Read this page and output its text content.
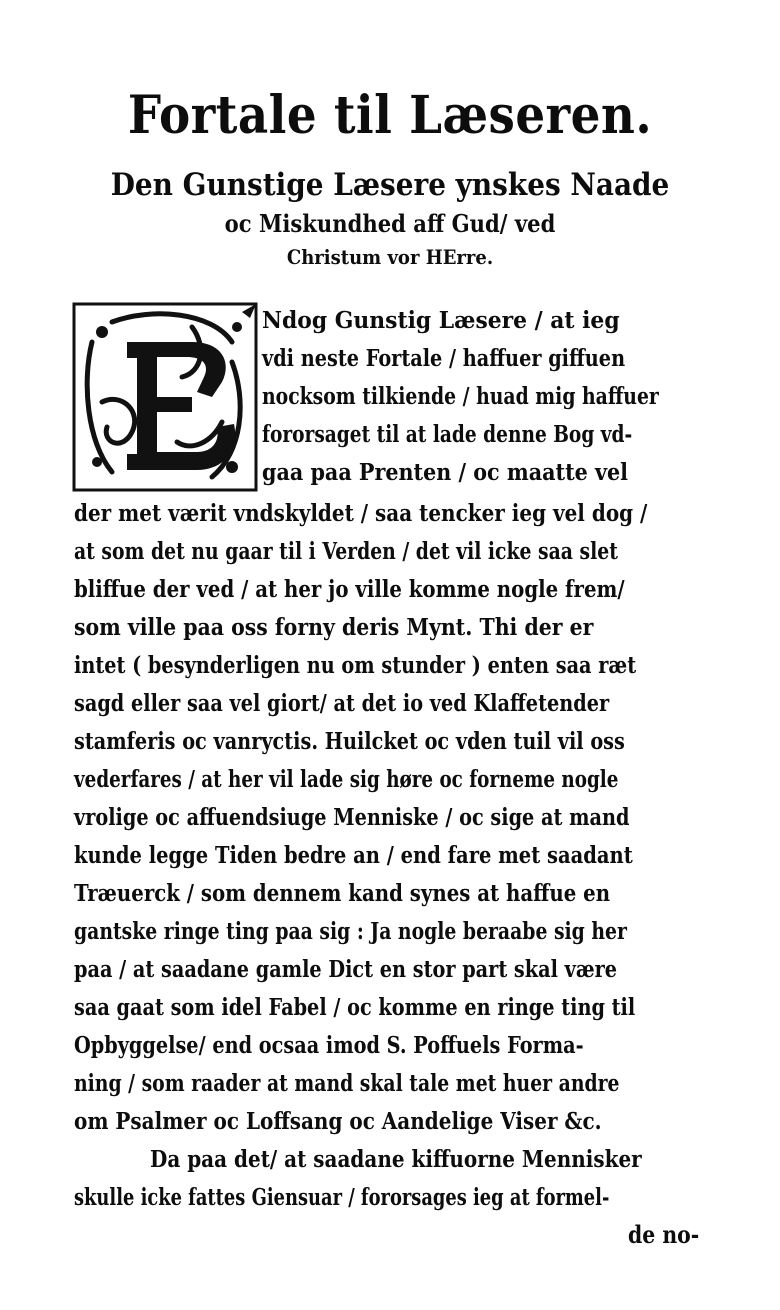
Fortale til Læseren.
Den Gunstige Læsere ynskes Naade
oc Miskundhed aff Gud/ ved
Christum vor HErre.
Ndog Gunstig Læsere / at ieg
vdi neste Fortale / haffuer giffuen
nocksom tilkiende / huad mig haffuer
fororsaget til at lade denne Bog vd-
gaa paa Prenten / oc maatte vel
der met værit vndskyldet / saa tencker ieg vel dog /
at som det nu gaar til i Verden / det vil icke saa slet
bliffue der ved / at her jo ville komme nogle frem/
som ville paa oss forny deris Mynt. Thi der er
intet ( besynderligen nu om stunder ) enten saa ræt
sagd eller saa vel giort/ at det io ved Klaffetender
stamferis oc vanryctis. Huilcket oc vden tuil vil oss
vederfares / at her vil lade sig høre oc forneme nogle
vrolige oc affuendsiuge Menniske / oc sige at mand
kunde legge Tiden bedre an / end fare met saadant
Træuerck / som dennem kand synes at haffue en
gantske ringe ting paa sig : Ja nogle beraabe sig her
paa / at saadane gamle Dict en stor part skal være
saa gaat som idel Fabel / oc komme en ringe ting til
Opbyggelse/ end ocsaa imod S. Poffuels Forma-
ning / som raader at mand skal tale met huer andre
om Psalmer oc Loffsang oc Aandelige Viser &c.
Da paa det/ at saadane kiffuorne Mennisker
skulle icke fattes Giensuar / fororsages ieg at formel-
de no-
